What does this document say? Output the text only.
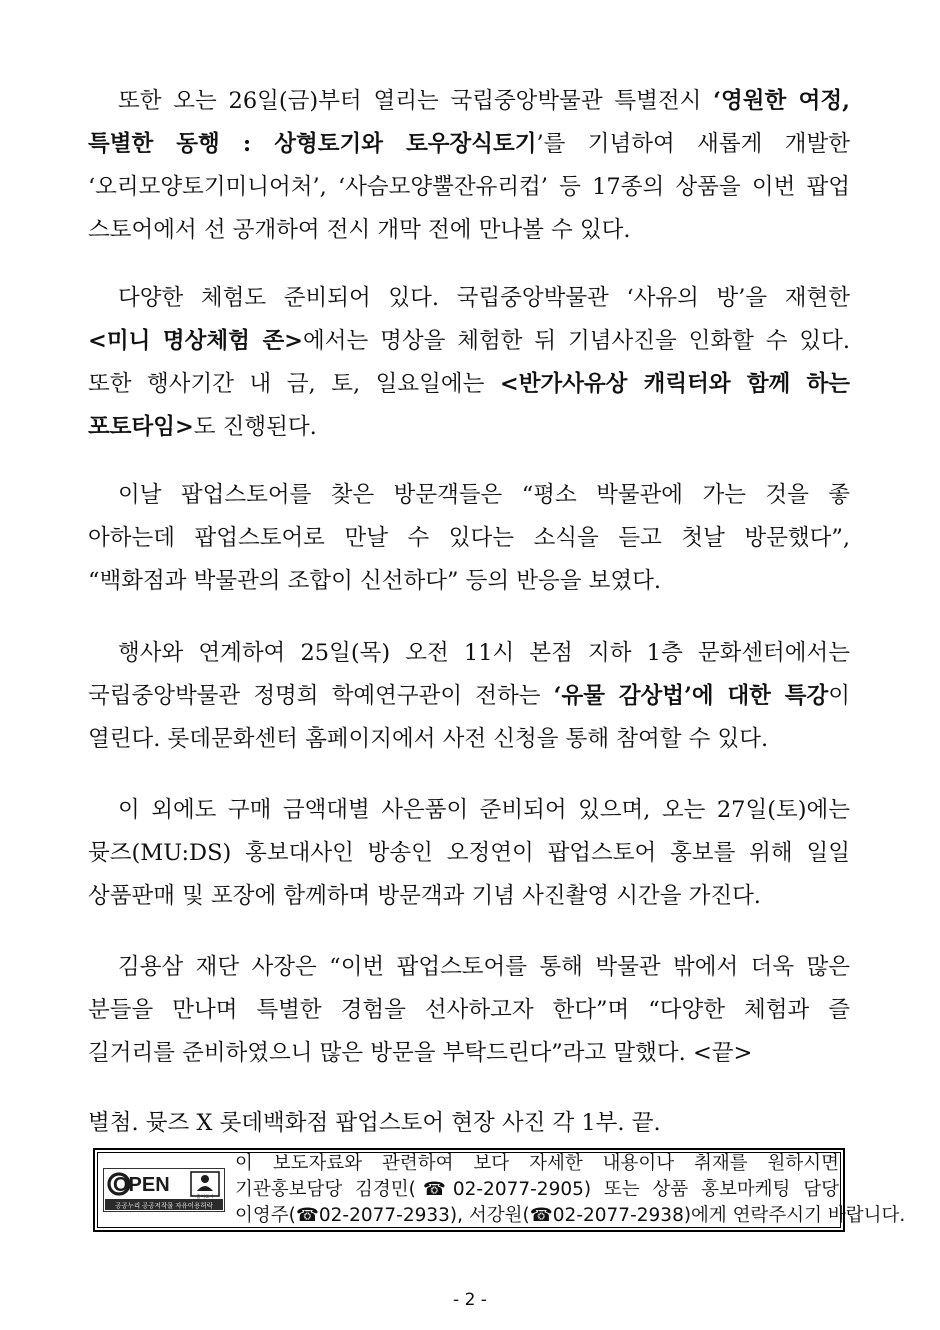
또한 오는 26일(금)부터 열리는 국립중앙박물관 특별전시 ‘영원한 여정,
특별한 동행 : 상형토기와 토우장식토기’를 기념하여 새롭게 개발한
‘오리모양토기미니어처’, ‘사슴모양뿔잔유리컵’ 등 17종의 상품을 이번 팝업
스토어에서 선 공개하여 전시 개막 전에 만나볼 수 있다.
다양한 체험도 준비되어 있다. 국립중앙박물관 ‘사유의 방’을 재현한
<미니 명상체험 존>에서는 명상을 체험한 뒤 기념사진을 인화할 수 있다.
또한 행사기간 내 금, 토, 일요일에는 <반가사유상 캐릭터와 함께 하는
포토타임>도 진행된다.
이날 팝업스토어를 찾은 방문객들은 “평소 박물관에 가는 것을 좋
아하는데 팝업스토어로 만날 수 있다는 소식을 듣고 첫날 방문했다”,
“백화점과 박물관의 조합이 신선하다” 등의 반응을 보였다.
행사와 연계하여 25일(목) 오전 11시 본점 지하 1층 문화센터에서는
국립중앙박물관 정명희 학예연구관이 전하는 ‘유물 감상법’에 대한 특강이
열린다. 롯데문화센터 홈페이지에서 사전 신청을 통해 참여할 수 있다.
이 외에도 구매 금액대별 사은품이 준비되어 있으며, 오는 27일(토)에는
뮷즈(MU:DS) 홍보대사인 방송인 오정연이 팝업스토어 홍보를 위해 일일
상품판매 및 포장에 함께하며 방문객과 기념 사진촬영 시간을 가진다.
김용삼 재단 사장은 “이번 팝업스토어를 통해 박물관 밖에서 더욱 많은
분들을 만나며 특별한 경험을 선사하고자 한다”며 “다양한 체험과 즐
길거리를 준비하였으니 많은 방문을 부탁드린다”라고 말했다. <끝>
별첨. 뮷즈 X 롯데백화점 팝업스토어 현장 사진 각 1부. 끝.
OPEN
출처표시
공공누리 공공저작물 자유이용허락
이 보도자료와 관련하여 보다 자세한 내용이나 취재를 원하시면
기관홍보담당 김경민(☎02-2077-2905) 또는 상품 홍보마케팅 담당
이영주(☎02-2077-2933), 서강원(☎02-2077-2938)에게 연락주시기 바랍니다.
- 2 -
